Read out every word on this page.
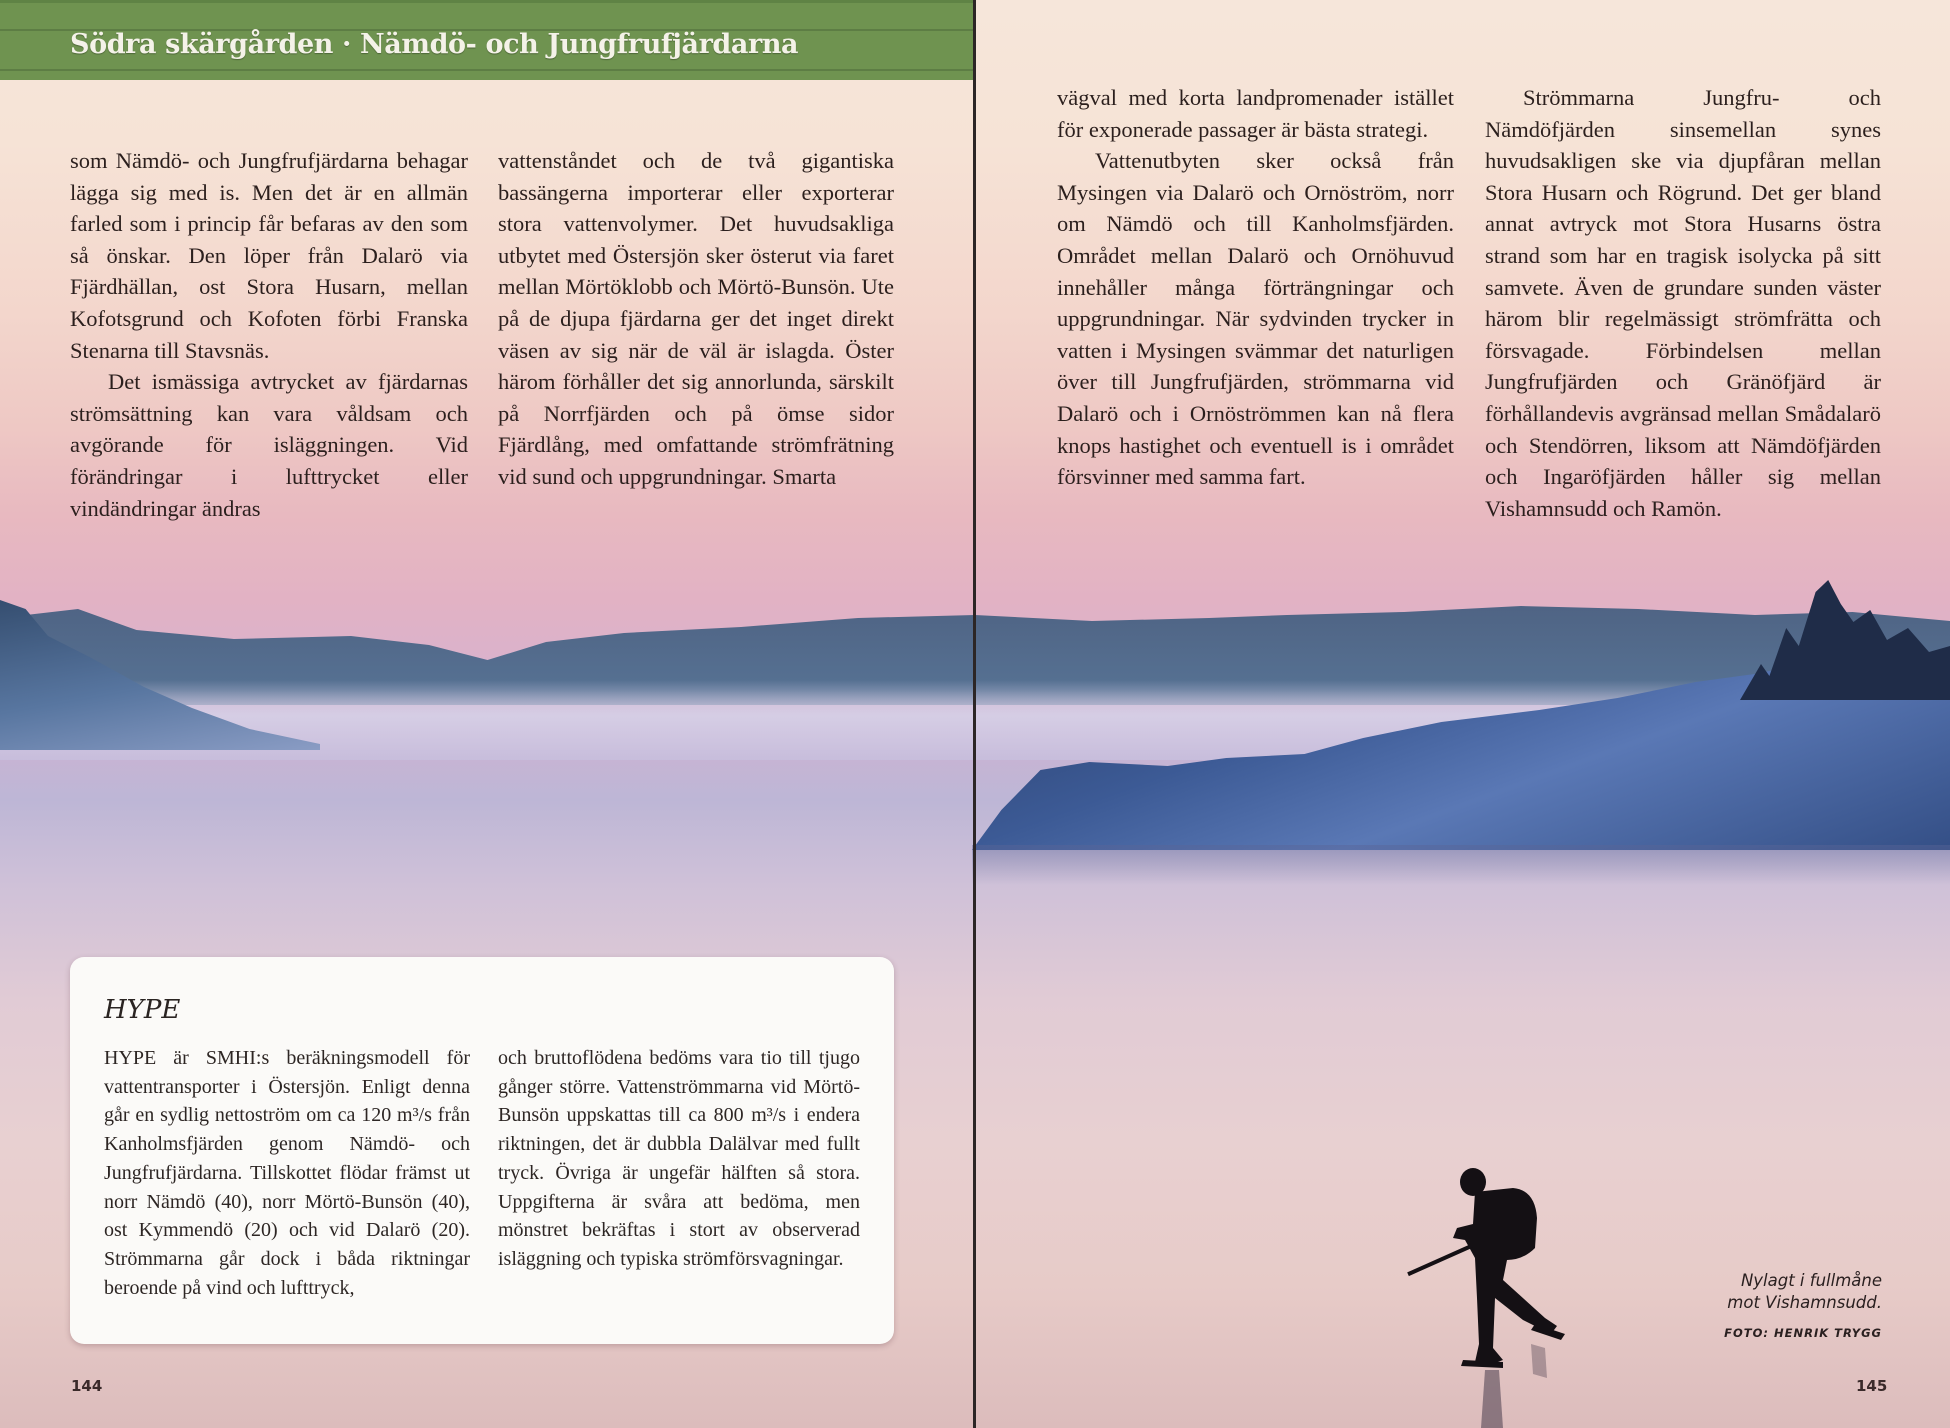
Södra skärgården · Nämdö- och Jungfrufjärdarna

som Nämdö- och Jungfrufjärdarna behagar lägga sig med is. Men det är en allmän farled som i princip får befaras av den som så önskar. Den löper från Dalarö via Fjärdhällan, ost Stora Husarn, mellan Kofotsgrund och Kofoten förbi Franska Stenarna till Stavsnäs.

Det ismässiga avtrycket av fjärdarnas strömsättning kan vara våldsam och avgörande för isläggningen. Vid förändringar i lufttrycket eller vindändringar ändras

vattenståndet och de två gigantiska bassängerna importerar eller exporterar stora vattenvolymer. Det huvudsakliga utbytet med Östersjön sker österut via faret mellan Mörtöklobb och Mörtö-Bunsön. Ute på de djupa fjärdarna ger det inget direkt väsen av sig när de väl är islagda. Öster härom förhåller det sig annorlunda, särskilt på Norrfjärden och på ömse sidor Fjärdlång, med omfattande strömfrätning vid sund och uppgrundningar. Smarta

vägval med korta landpromenader istället för exponerade passager är bästa strategi.

Vattenutbyten sker också från Mysingen via Dalarö och Ornöström, norr om Nämdö och till Kanholmsfjärden. Området mellan Dalarö och Ornöhuvud innehåller många förträngningar och uppgrundningar. När sydvinden trycker in vatten i Mysingen svämmar det naturligen över till Jungfrufjärden, strömmarna vid Dalarö och i Ornöströmmen kan nå flera knops hastighet och eventuell is i området försvinner med samma fart.

Strömmarna Jungfru- och Nämdöfjärden sinsemellan synes huvudsakligen ske via djupfåran mellan Stora Husarn och Rögrund. Det ger bland annat avtryck mot Stora Husarns östra strand som har en tragisk isolycka på sitt samvete. Även de grundare sunden väster härom blir regelmässigt strömfrätta och försvagade. Förbindelsen mellan Jungfrufjärden och Gränöfjärd är förhållandevis avgränsad mellan Smådalarö och Stendörren, liksom att Nämdöfjärden och Ingaröfjärden håller sig mellan Vishamnsudd och Ramön.

HYPE
HYPE är SMHI:s beräkningsmodell för vattentransporter i Östersjön. Enligt denna går en sydlig nettoström om ca 120 m³/s från Kanholmsfjärden genom Nämdö- och Jungfrufjärdarna. Tillskottet flödar främst ut norr Nämdö (40), norr Mörtö-Bunsön (40), ost Kymmendö (20) och vid Dalarö (20). Strömmarna går dock i båda riktningar beroende på vind och lufttryck,
och bruttoflödena bedöms vara tio till tjugo gånger större. Vattenströmmarna vid Mörtö-Bunsön uppskattas till ca 800 m³/s i endera riktningen, det är dubbla Dalälvar med fullt tryck. Övriga är ungefär hälften så stora. Uppgifterna är svåra att bedöma, men mönstret bekräftas i stort av observerad isläggning och typiska strömförsvagningar.
Nylagt i fullmåne
mot Vishamnsudd.
FOTO: HENRIK TRYGG
144	145
